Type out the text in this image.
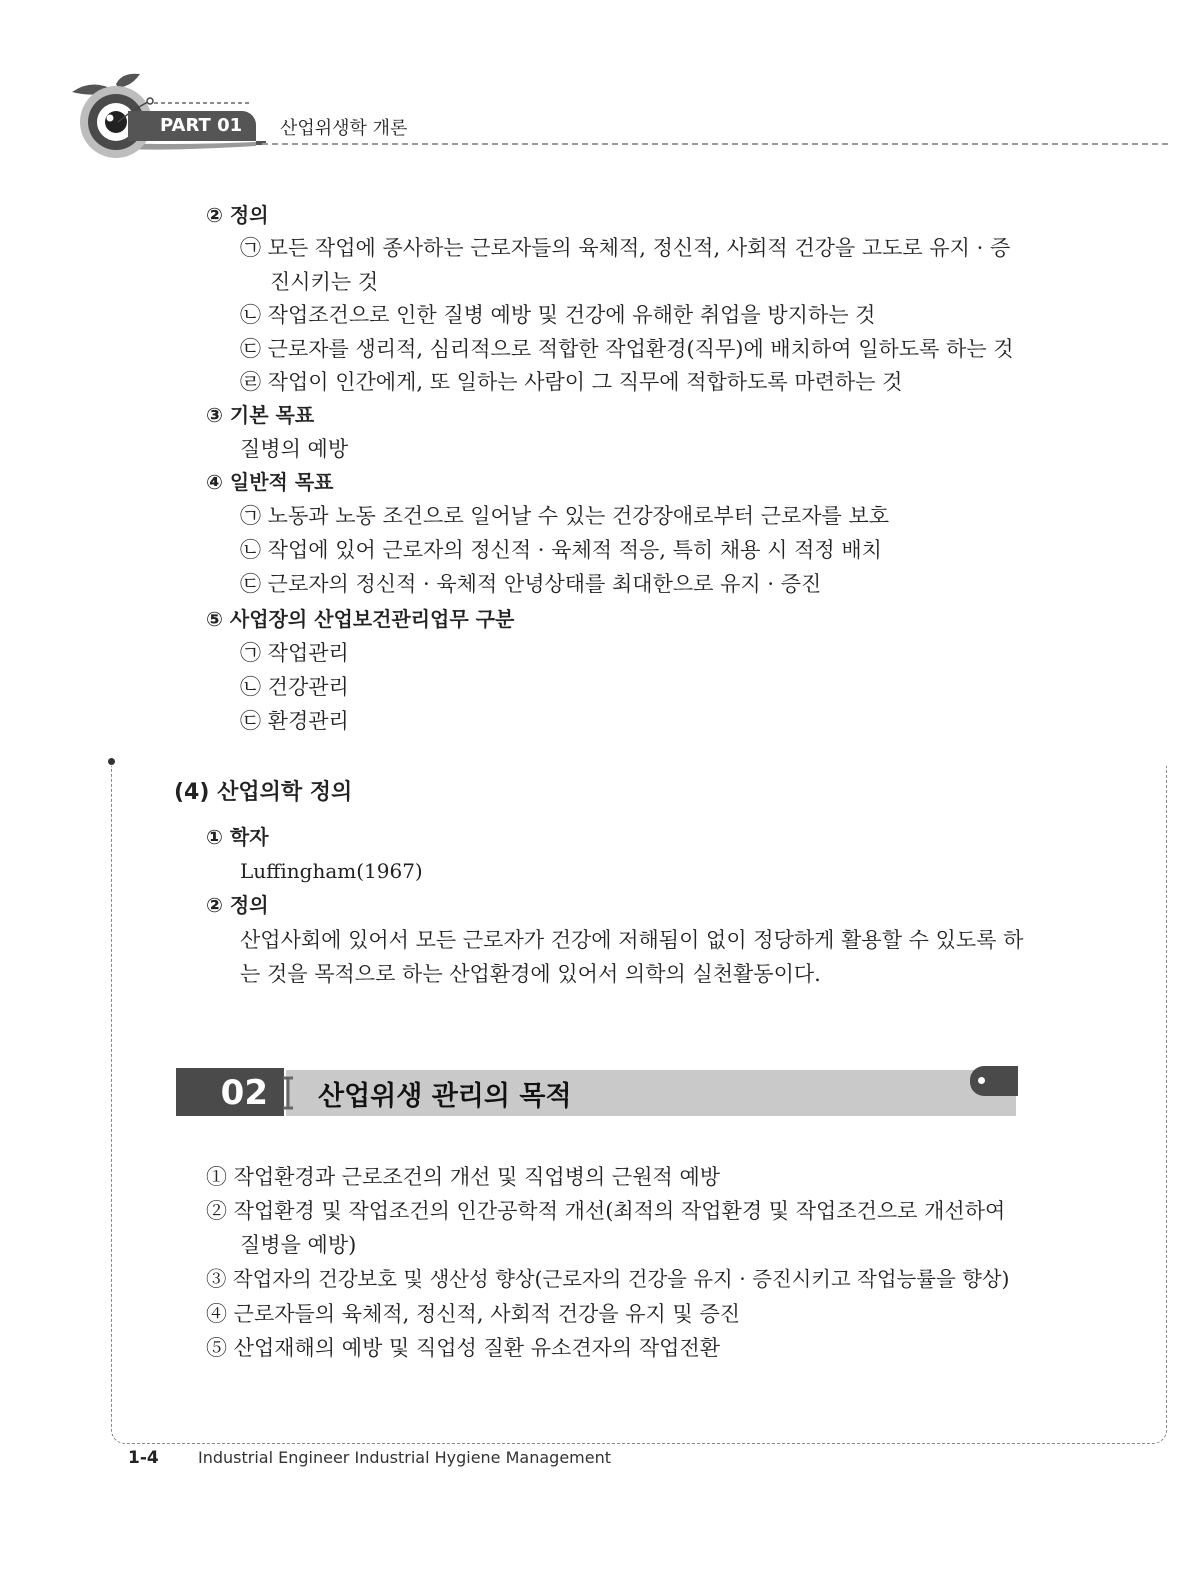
PART 01	산업위생학 개론
② 정의
㉠ 모든 작업에 종사하는 근로자들의 육체적, 정신적, 사회적 건강을 고도로 유지 · 증
진시키는 것
㉡ 작업조건으로 인한 질병 예방 및 건강에 유해한 취업을 방지하는 것
㉢ 근로자를 생리적, 심리적으로 적합한 작업환경(직무)에 배치하여 일하도록 하는 것
㉣ 작업이 인간에게, 또 일하는 사람이 그 직무에 적합하도록 마련하는 것
③ 기본 목표
질병의 예방
④ 일반적 목표
㉠ 노동과 노동 조건으로 일어날 수 있는 건강장애로부터 근로자를 보호
㉡ 작업에 있어 근로자의 정신적 · 육체적 적응, 특히 채용 시 적정 배치
㉢ 근로자의 정신적 · 육체적 안녕상태를 최대한으로 유지 · 증진
⑤ 사업장의 산업보건관리업무 구분
㉠ 작업관리
㉡ 건강관리
㉢ 환경관리
(4) 산업의학 정의
① 학자
Luffingham(1967)
② 정의
산업사회에 있어서 모든 근로자가 건강에 저해됨이 없이 정당하게 활용할 수 있도록 하
는 것을 목적으로 하는 산업환경에 있어서 의학의 실천활동이다.
02	산업위생 관리의 목적
① 작업환경과 근로조건의 개선 및 직업병의 근원적 예방
② 작업환경 및 작업조건의 인간공학적 개선(최적의 작업환경 및 작업조건으로 개선하여
질병을 예방)
③ 작업자의 건강보호 및 생산성 향상(근로자의 건강을 유지 · 증진시키고 작업능률을 향상)
④ 근로자들의 육체적, 정신적, 사회적 건강을 유지 및 증진
⑤ 산업재해의 예방 및 직업성 질환 유소견자의 작업전환
1-4 Industrial Engineer Industrial Hygiene Management
